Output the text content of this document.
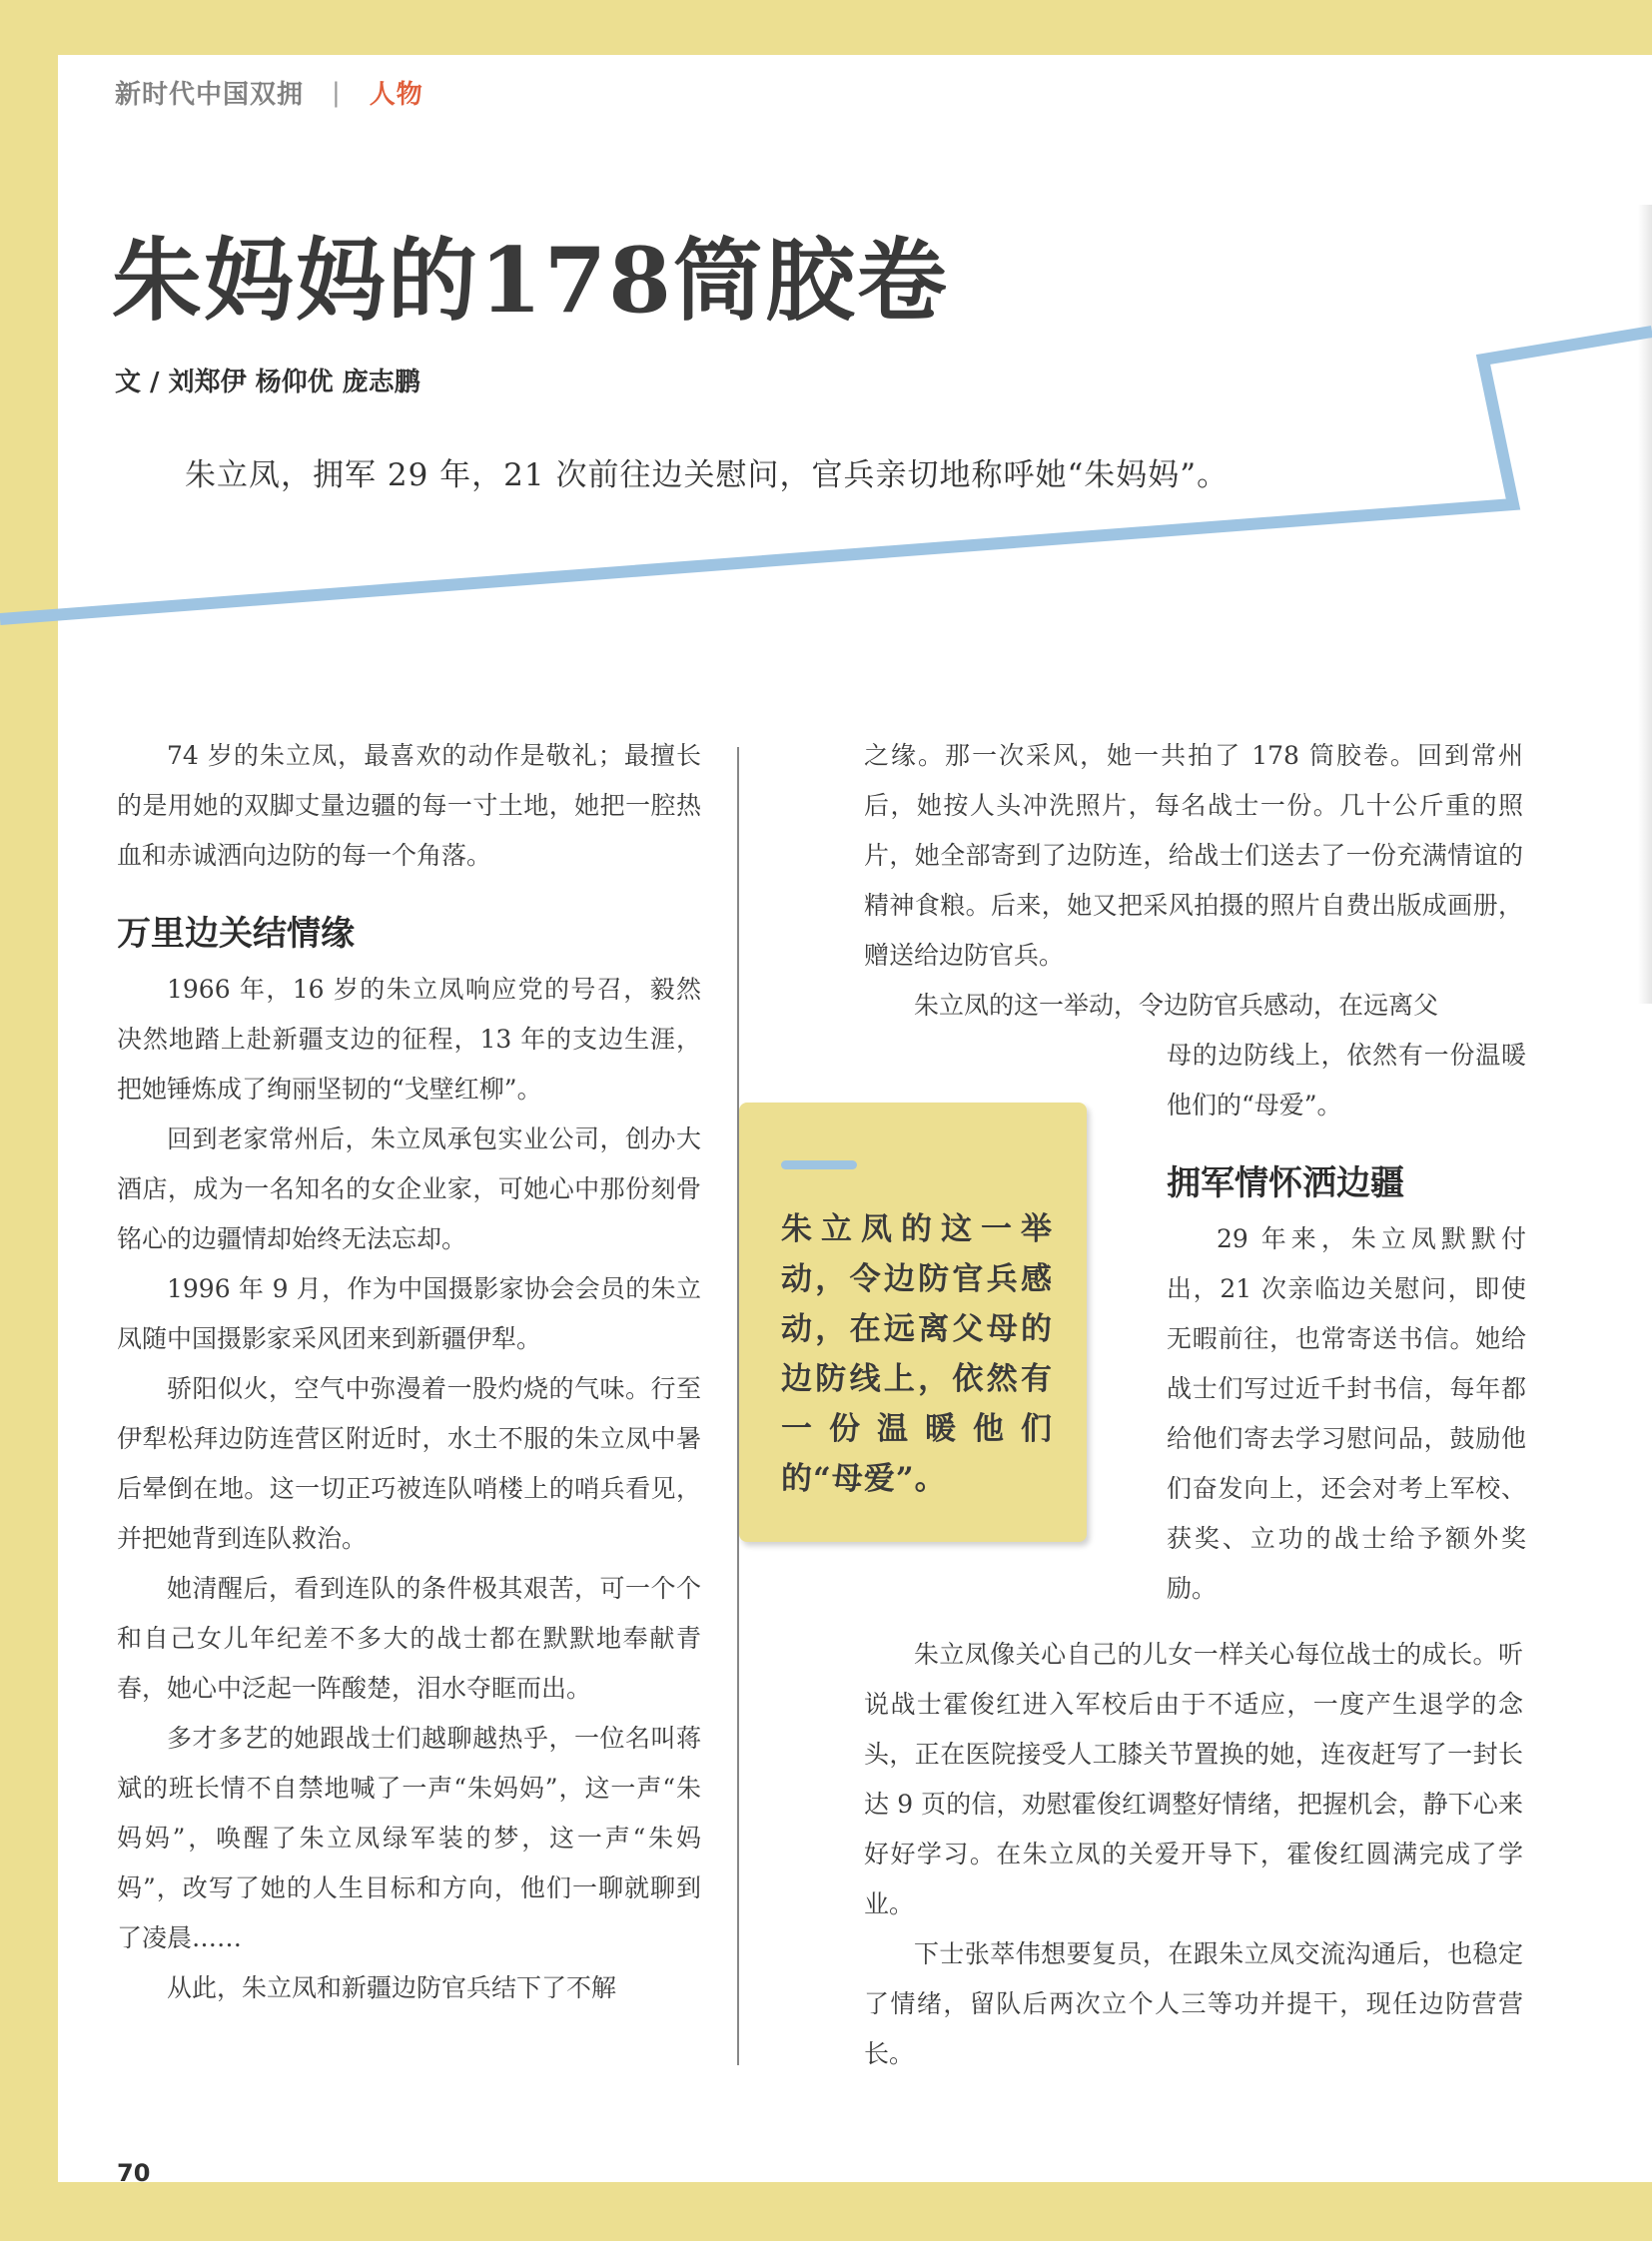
新时代中国双拥 | 人物
朱妈妈的178筒胶卷
文 / 刘郑伊 杨仰优 庞志鹏
朱立凤，拥军 29 年，21 次前往边关慰问，官兵亲切地称呼她“朱妈妈”。

74 岁的朱立凤，最喜欢的动作是敬礼；最擅长的是用她的双脚丈量边疆的每一寸土地，她把一腔热血和赤诚洒向边防的每一个角落。

万里边关结情缘

1966 年，16 岁的朱立凤响应党的号召，毅然决然地踏上赴新疆支边的征程，13 年的支边生涯，把她锤炼成了绚丽坚韧的“戈壁红柳”。

回到老家常州后，朱立凤承包实业公司，创办大酒店，成为一名知名的女企业家，可她心中那份刻骨铭心的边疆情却始终无法忘却。

1996 年 9 月，作为中国摄影家协会会员的朱立凤随中国摄影家采风团来到新疆伊犁。

骄阳似火，空气中弥漫着一股灼烧的气味。行至伊犁松拜边防连营区附近时，水土不服的朱立凤中暑后晕倒在地。这一切正巧被连队哨楼上的哨兵看见，并把她背到连队救治。

她清醒后，看到连队的条件极其艰苦，可一个个和自己女儿年纪差不多大的战士都在默默地奉献青春，她心中泛起一阵酸楚，泪水夺眶而出。

多才多艺的她跟战士们越聊越热乎，一位名叫蒋斌的班长情不自禁地喊了一声“朱妈妈”，这一声“朱妈妈”，唤醒了朱立凤绿军装的梦，这一声“朱妈妈”，改写了她的人生目标和方向，他们一聊就聊到了凌晨……

从此，朱立凤和新疆边防官兵结下了不解

之缘。那一次采风，她一共拍了 178 筒胶卷。回到常州后，她按人头冲洗照片，每名战士一份。几十公斤重的照片，她全部寄到了边防连，给战士们送去了一份充满情谊的精神食粮。后来，她又把采风拍摄的照片自费出版成画册，赠送给边防官兵。

朱立凤的这一举动，令边防官兵感动，在远离父

母的边防线上，依然有一份温暖他们的“母爱”。

拥军情怀洒边疆

29 年来，朱立凤默默付出，21 次亲临边关慰问，即使无暇前往，也常寄送书信。她给战士们写过近千封书信，每年都给他们寄去学习慰问品，鼓励他们奋发向上，还会对考上军校、获奖、立功的战士给予额外奖励。

朱立凤像关心自己的儿女一样关心每位战士的成长。听说战士霍俊红进入军校后由于不适应，一度产生退学的念头，正在医院接受人工膝关节置换的她，连夜赶写了一封长达 9 页的信，劝慰霍俊红调整好情绪，把握机会，静下心来好好学习。在朱立凤的关爱开导下，霍俊红圆满完成了学业。

下士张萃伟想要复员，在跟朱立凤交流沟通后，也稳定了情绪，留队后两次立个人三等功并提干，现任边防营营长。

朱立凤的这一举动，令边防官兵感动，在远离父母的边防线上，依然有一份温暖他们的“母爱”。
70
